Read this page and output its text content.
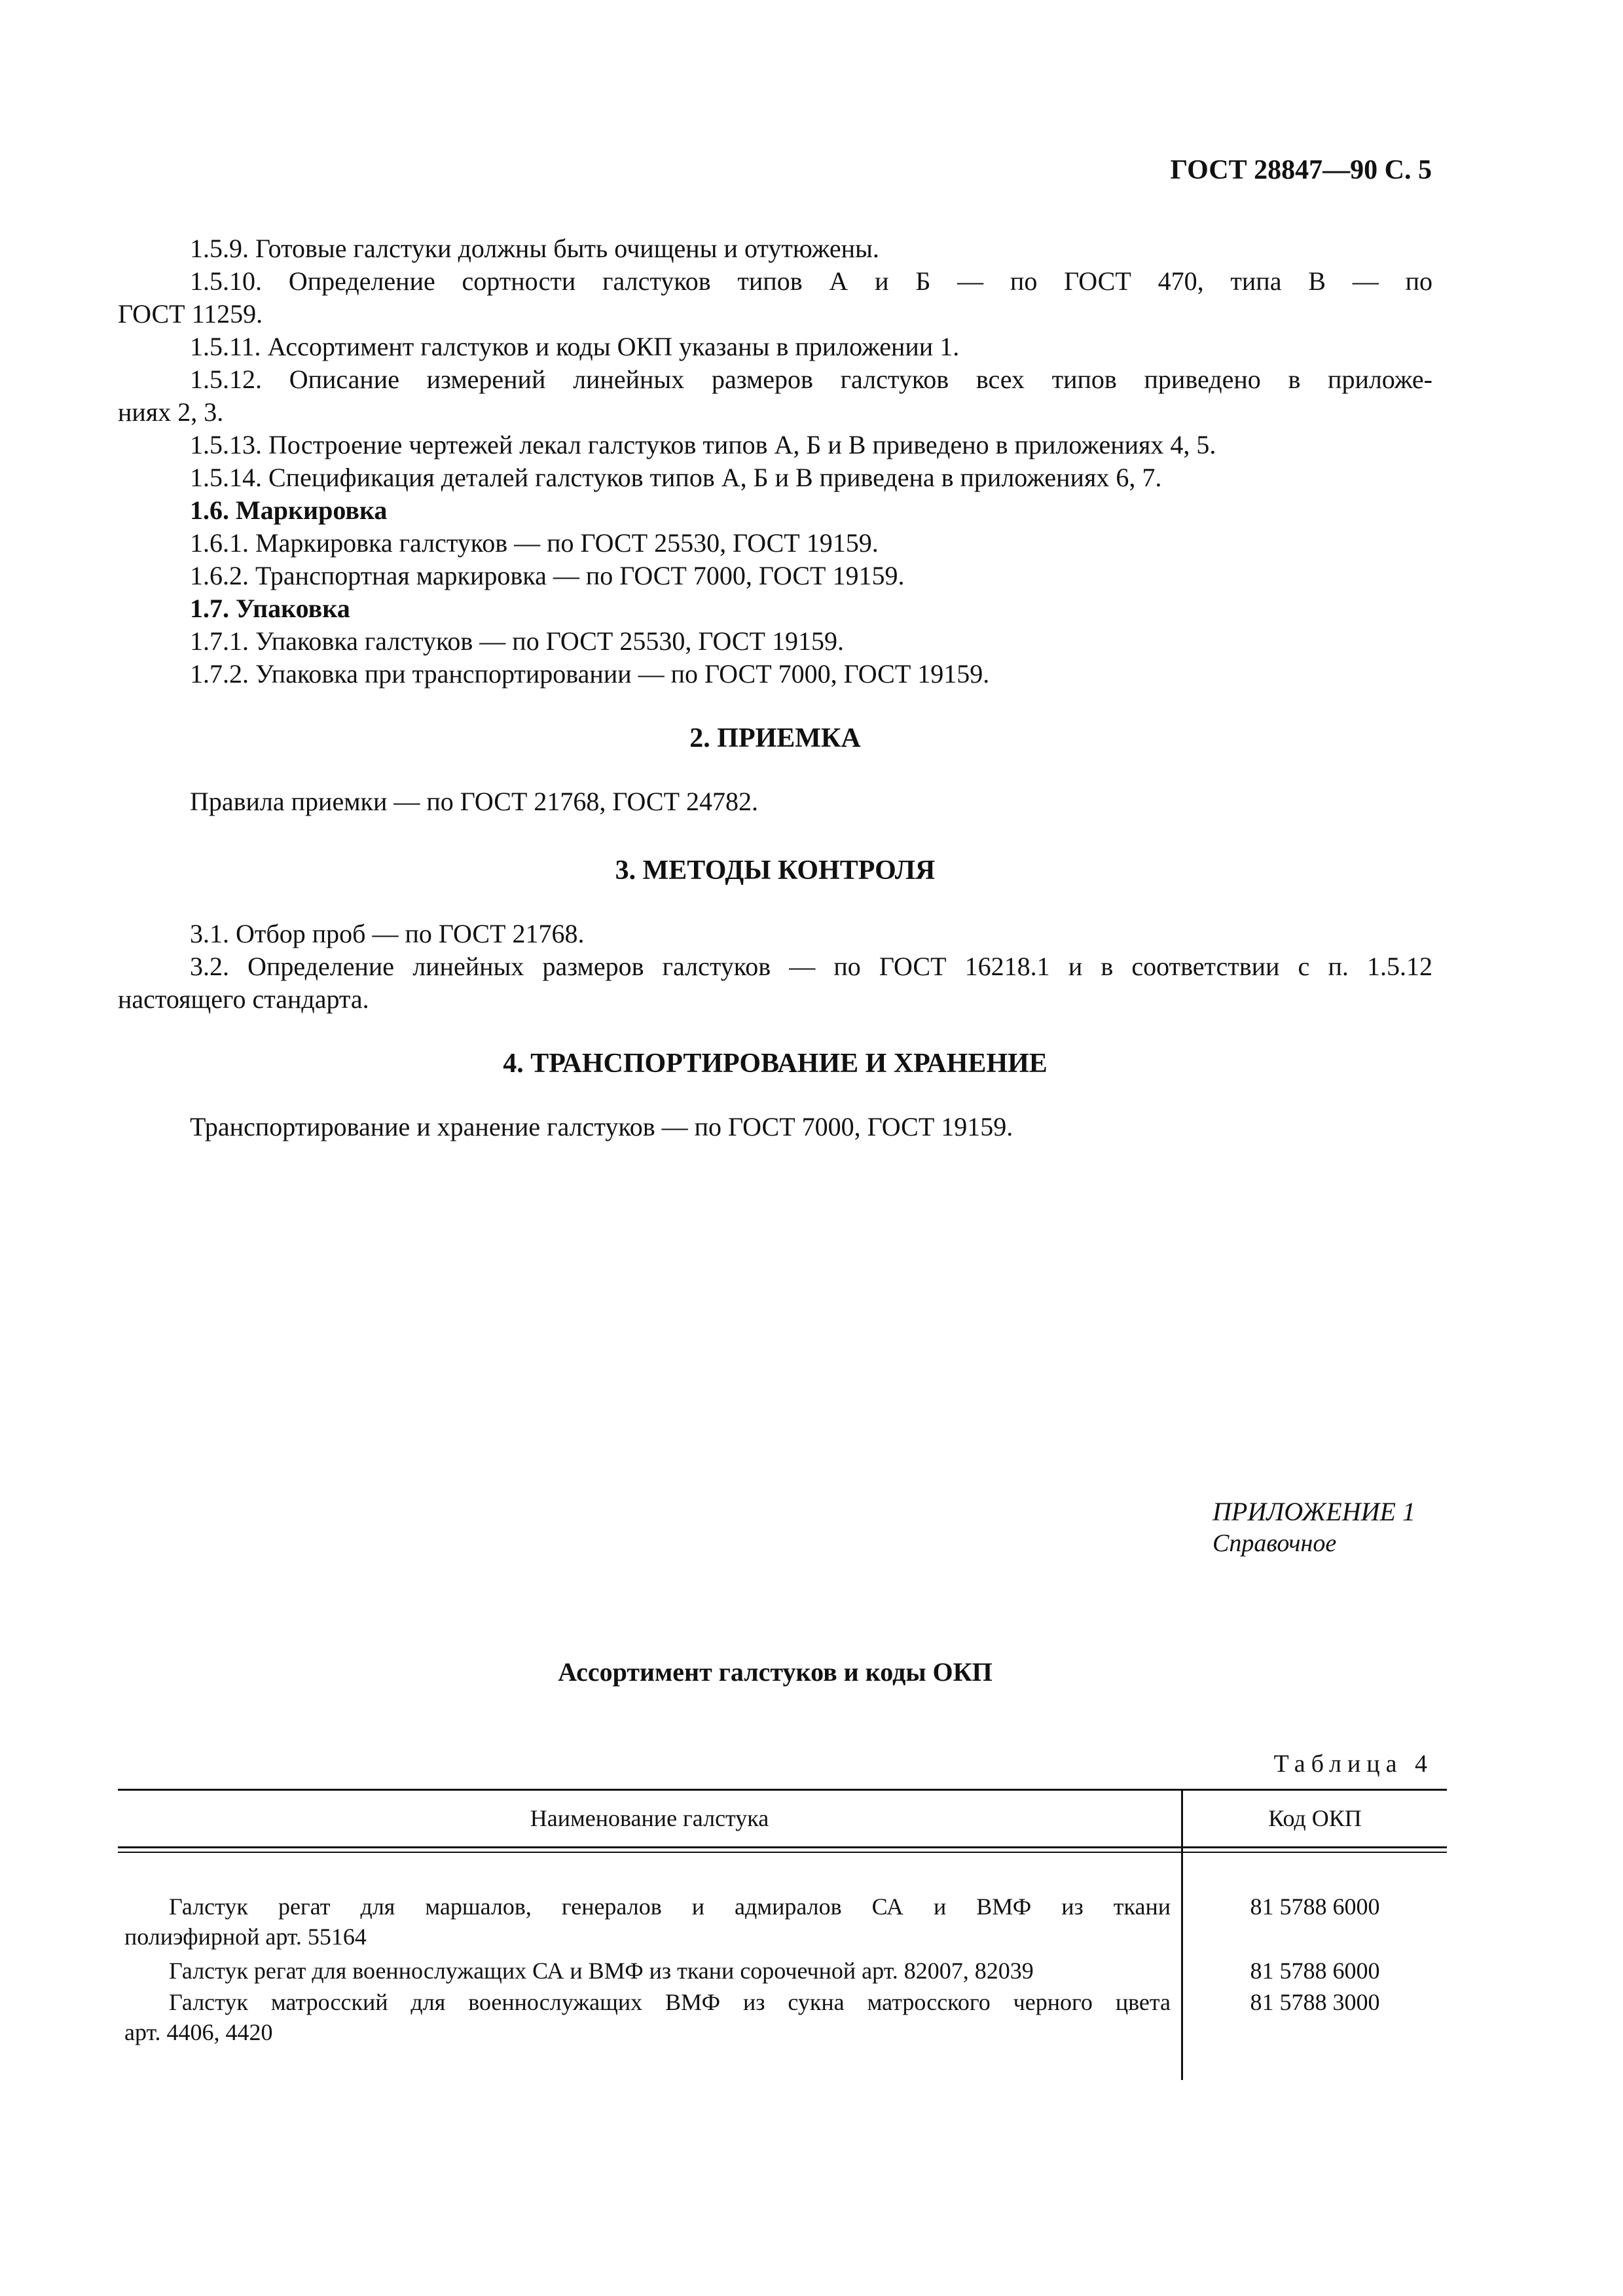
ГОСТ 28847—90 С. 5
1.5.9. Готовые галстуки должны быть очищены и отутюжены.
1.5.10. Определение сортности галстуков типов А и Б — по ГОСТ 470, типа В — по
ГОСТ 11259.
1.5.11. Ассортимент галстуков и коды ОКП указаны в приложении 1.
1.5.12. Описание измерений линейных размеров галстуков всех типов приведено в приложе-
ниях 2, 3.
1.5.13. Построение чертежей лекал галстуков типов А, Б и В приведено в приложениях 4, 5.
1.5.14. Спецификация деталей галстуков типов А, Б и В приведена в приложениях 6, 7.
1.6. Маркировка
1.6.1. Маркировка галстуков — по ГОСТ 25530, ГОСТ 19159.
1.6.2. Транспортная маркировка — по ГОСТ 7000, ГОСТ 19159.
1.7. Упаковка
1.7.1. Упаковка галстуков — по ГОСТ 25530, ГОСТ 19159.
1.7.2. Упаковка при транспортировании — по ГОСТ 7000, ГОСТ 19159.
2. ПРИЕМКА
Правила приемки — по ГОСТ 21768, ГОСТ 24782.
3. МЕТОДЫ КОНТРОЛЯ
3.1. Отбор проб — по ГОСТ 21768.
3.2. Определение линейных размеров галстуков — по ГОСТ 16218.1 и в соответствии с п. 1.5.12
настоящего стандарта.
4. ТРАНСПОРТИРОВАНИЕ И ХРАНЕНИЕ
Транспортирование и хранение галстуков — по ГОСТ 7000, ГОСТ 19159.
ПРИЛОЖЕНИЕ 1
Справочное
Ассортимент галстуков и коды ОКП
Таблица 4
Наименование галстука	Код ОКП
Галстук регат для маршалов, генералов и адмиралов СА и ВМФ из ткани
полиэфирной арт. 55164
81 5788 6000
Галстук регат для военнослужащих СА и ВМФ из ткани сорочечной арт. 82007, 82039	81 5788 6000
Галстук матросский для военнослужащих ВМФ из сукна матросского черного цвета
арт. 4406, 4420
81 5788 3000
